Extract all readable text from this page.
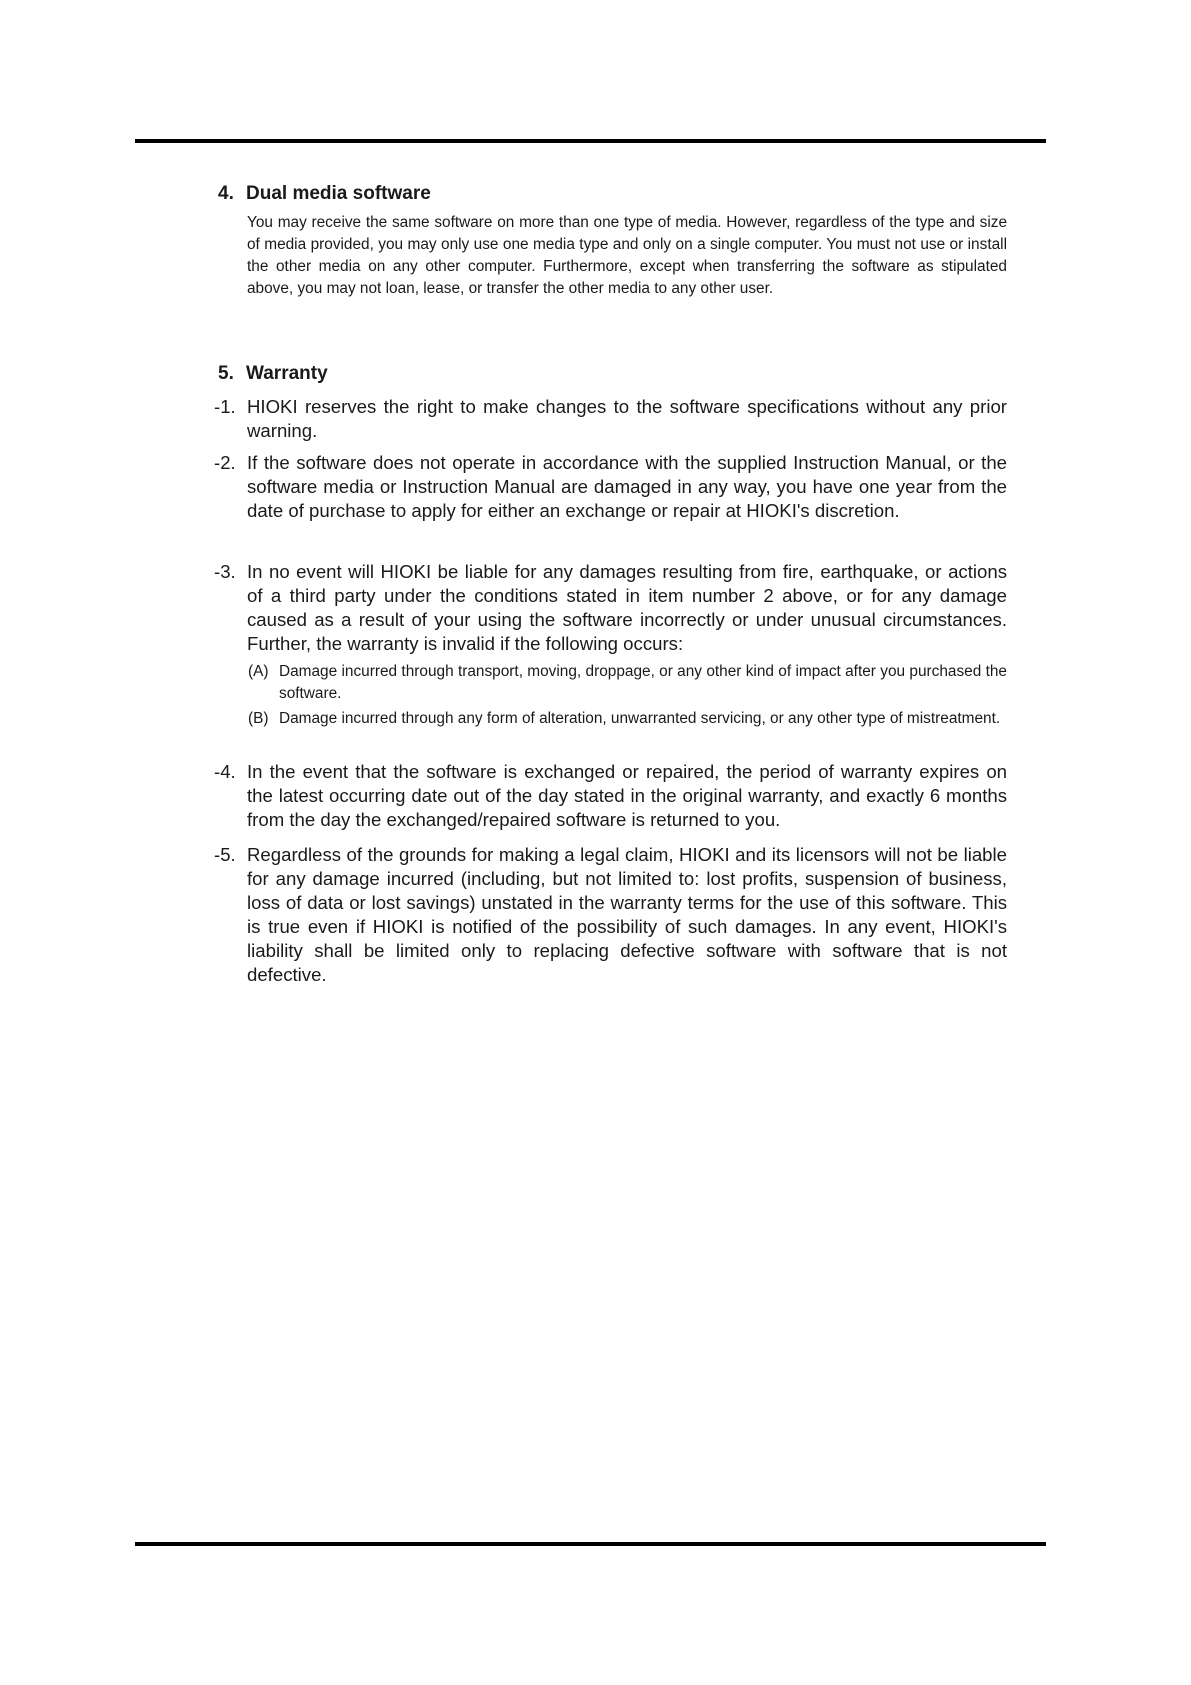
4. Dual media software
You may receive the same software on more than one type of media. However, regardless of the type and size of media provided, you may only use one media type and only on a single computer. You must not use or install the other media on any other computer. Furthermore, except when transferring the software as stipulated above, you may not loan, lease, or transfer the other media to any other user.
5. Warranty
-1. HIOKI reserves the right to make changes to the software specifications without any prior warning.
-2. If the software does not operate in accordance with the supplied Instruction Manual, or the software media or Instruction Manual are damaged in any way, you have one year from the date of purchase to apply for either an exchange or repair at HIOKI's discretion.
-3. In no event will HIOKI be liable for any damages resulting from fire, earthquake, or actions of a third party under the conditions stated in item number 2 above, or for any damage caused as a result of your using the software incorrectly or under unusual circumstances. Further, the warranty is invalid if the following occurs:
(A) Damage incurred through transport, moving, droppage, or any other kind of impact after you purchased the software.
(B) Damage incurred through any form of alteration, unwarranted servicing, or any other type of mistreatment.
-4. In the event that the software is exchanged or repaired, the period of warranty expires on the latest occurring date out of the day stated in the original warranty, and exactly 6 months from the day the exchanged/repaired software is returned to you.
-5. Regardless of the grounds for making a legal claim, HIOKI and its licensors will not be liable for any damage incurred (including, but not limited to: lost profits, suspension of business, loss of data or lost savings) unstated in the warranty terms for the use of this software. This is true even if HIOKI is notified of the possibility of such damages. In any event, HIOKI's liability shall be limited only to replacing defective software with software that is not defective.
